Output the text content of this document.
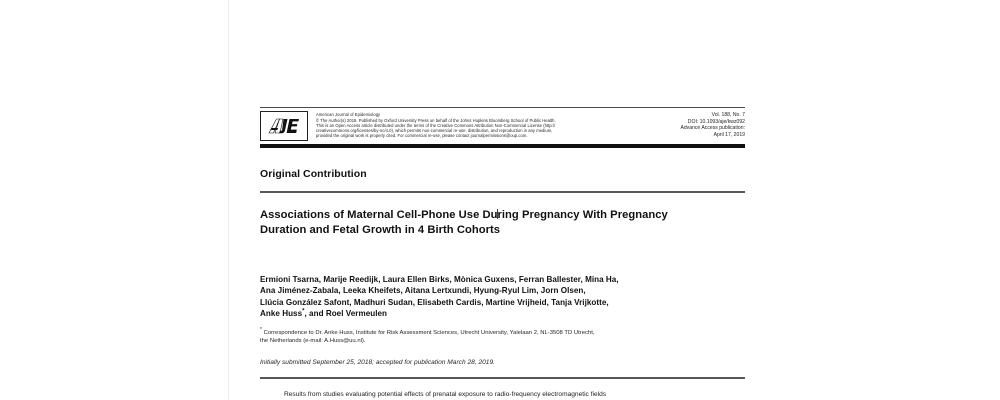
American Journal of Epidemiology
© The Author(s) 2019. Published by Oxford University Press on behalf of the Johns Hopkins Bloomberg School of Public Health.
This is an Open Access article distributed under the terms of the Creative Commons Attribution Non-Commercial License (http://
creativecommons.org/licenses/by-nc/4.0), which permits non-commercial re-use, distribution, and reproduction in any medium,
provided the original work is properly cited. For commercial re-use, please contact journalpermissions@oup.com.
Vol. 188, No. 7
DOI: 10.1093/aje/kwz092
Advance Access publication:
April 17, 2019
Original Contribution
Associations of Maternal Cell-Phone Use During Pregnancy With Pregnancy
Duration and Fetal Growth in 4 Birth Cohorts
Ermioni Tsarna, Marije Reedijk, Laura Ellen Birks, Mònica Guxens, Ferran Ballester, Mina Ha,
Ana Jiménez-Zabala, Leeka Kheifets, Aitana Lertxundi, Hyung-Ryul Lim, Jorn Olsen,
Llúcia González Safont, Madhuri Sudan, Elisabeth Cardis, Martine Vrijheid, Tanja Vrijkotte,
Anke Huss*, and Roel Vermeulen
* Correspondence to Dr. Anke Huss, Institute for Risk Assessment Sciences, Utrecht University, Yalelaan 2, NL-3508 TD Utrecht,
the Netherlands (e-mail: A.Huss@uu.nl).
Initially submitted September 25, 2018; accepted for publication March 28, 2019.
Results from studies evaluating potential effects of prenatal exposure to radio-frequency electromagnetic fields
